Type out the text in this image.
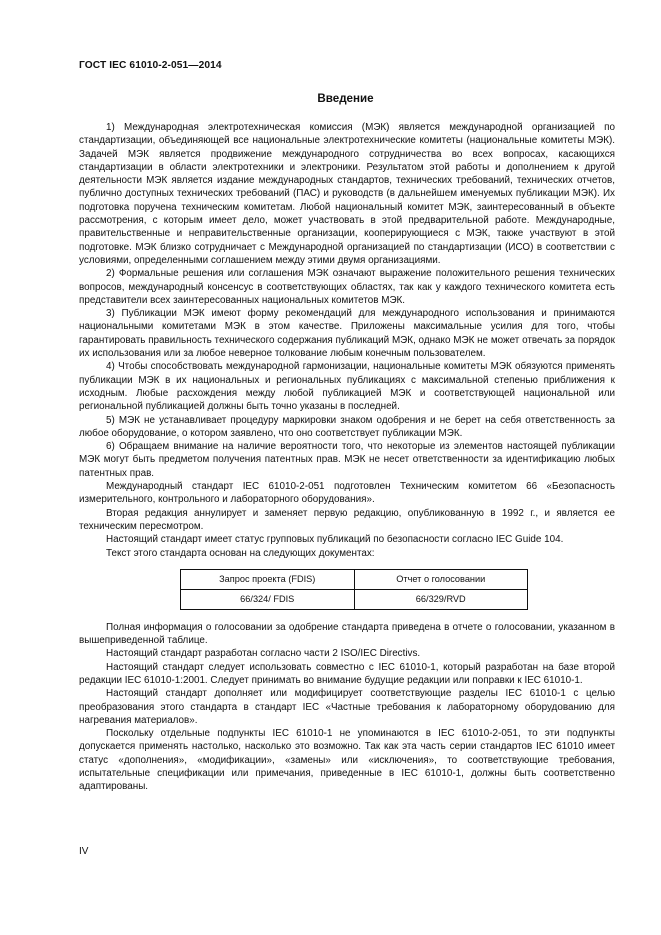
ГОСТ IEC 61010-2-051—2014
Введение

1) Международная электротехническая комиссия (МЭК) является международной организацией по стандартизации, объединяющей все национальные электротехнические комитеты (национальные комитеты МЭК). Задачей МЭК является продвижение международного сотрудничества во всех вопросах, касающихся стандартизации в области электротехники и электроники. Результатом этой работы и дополнением к другой деятельности МЭК является издание международных стандартов, технических требований, технических отчетов, публично доступных технических требований (ПАС) и руководств (в дальнейшем именуемых публикации МЭК). Их подготовка поручена техническим комитетам. Любой национальный комитет МЭК, заинтересованный в объекте рассмотрения, с которым имеет дело, может участвовать в этой предварительной работе. Международные, правительственные и неправительственные организации, кооперирующиеся с МЭК, также участвуют в этой подготовке. МЭК близко сотрудничает с Международной организацией по стандартизации (ИСО) в соответствии с условиями, определенными соглашением между этими двумя организациями.

2) Формальные решения или соглашения МЭК означают выражение положительного решения технических вопросов, международный консенсус в соответствующих областях, так как у каждого технического комитета есть представители всех заинтересованных национальных комитетов МЭК.

3) Публикации МЭК имеют форму рекомендаций для международного использования и принимаются национальными комитетами МЭК в этом качестве. Приложены максимальные усилия для того, чтобы гарантировать правильность технического содержания публикаций МЭК, однако МЭК не может отвечать за порядок их использования или за любое неверное толкование любым конечным пользователем.

4) Чтобы способствовать международной гармонизации, национальные комитеты МЭК обязуются применять публикации МЭК в их национальных и региональных публикациях с максимальной степенью приближения к исходным. Любые расхождения между любой публикацией МЭК и соответствующей национальной или региональной публикацией должны быть точно указаны в последней.

5) МЭК не устанавливает процедуру маркировки знаком одобрения и не берет на себя ответственность за любое оборудование, о котором заявлено, что оно соответствует публикации МЭК.

6) Обращаем внимание на наличие вероятности того, что некоторые из элементов настоящей публикации МЭК могут быть предметом получения патентных прав. МЭК не несет ответственности за идентификацию любых патентных прав.

Международный стандарт IEC 61010-2-051 подготовлен Техническим комитетом 66 «Безопасность измерительного, контрольного и лабораторного оборудования».

Вторая редакция аннулирует и заменяет первую редакцию, опубликованную в 1992 г., и является ее техническим пересмотром.

Настоящий стандарт имеет статус групповых публикаций по безопасности согласно IEC Guide 104.

Текст этого стандарта основан на следующих документах:

Запрос проекта (FDIS)	Отчет о голосовании
66/324/ FDIS	66/329/RVD

Полная информация о голосовании за одобрение стандарта приведена в отчете о голосовании, указанном в вышеприведенной таблице.

Настоящий стандарт разработан согласно части 2 ISO/IEC Directivs.

Настоящий стандарт следует использовать совместно с IEC 61010-1, который разработан на базе второй редакции IEC 61010-1:2001. Следует принимать во внимание будущие редакции или поправки к IEC 61010-1.

Настоящий стандарт дополняет или модифицирует соответствующие разделы IEC 61010-1 с целью преобразования этого стандарта в стандарт IEC «Частные требования к лабораторному оборудованию для нагревания материалов».

Поскольку отдельные подпункты IEC 61010-1 не упоминаются в IEC 61010-2-051, то эти подпункты допускается применять настолько, насколько это возможно. Так как эта часть серии стандартов IEC 61010 имеет статус «дополнения», «модификации», «замены» или «исключения», то соответствующие требования, испытательные спецификации или примечания, приведенные в IEC 61010-1, должны быть соответственно адаптированы.

IV
